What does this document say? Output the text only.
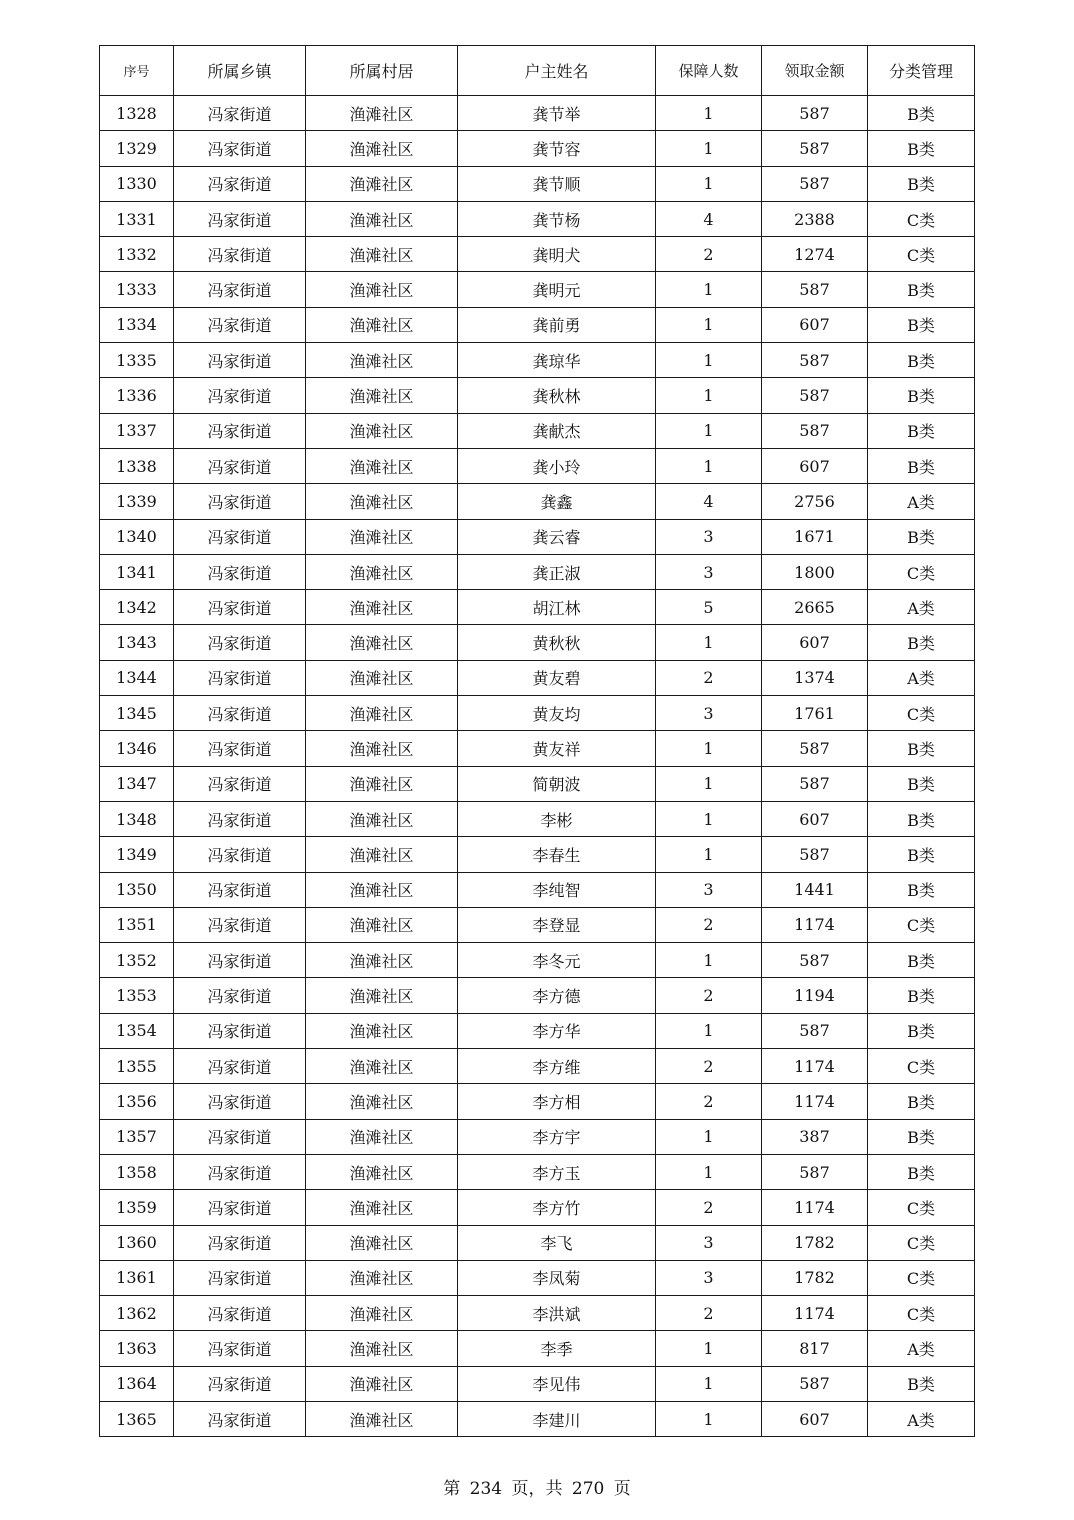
序号	所属乡镇	所属村居	户主姓名	保障人数	领取金额	分类管理
1328	冯家街道	渔滩社区	龚节举	1	587	B类
1329	冯家街道	渔滩社区	龚节容	1	587	B类
1330	冯家街道	渔滩社区	龚节顺	1	587	B类
1331	冯家街道	渔滩社区	龚节杨	4	2388	C类
1332	冯家街道	渔滩社区	龚明犬	2	1274	C类
1333	冯家街道	渔滩社区	龚明元	1	587	B类
1334	冯家街道	渔滩社区	龚前勇	1	607	B类
1335	冯家街道	渔滩社区	龚琼华	1	587	B类
1336	冯家街道	渔滩社区	龚秋林	1	587	B类
1337	冯家街道	渔滩社区	龚献杰	1	587	B类
1338	冯家街道	渔滩社区	龚小玲	1	607	B类
1339	冯家街道	渔滩社区	龚鑫	4	2756	A类
1340	冯家街道	渔滩社区	龚云睿	3	1671	B类
1341	冯家街道	渔滩社区	龚正淑	3	1800	C类
1342	冯家街道	渔滩社区	胡江林	5	2665	A类
1343	冯家街道	渔滩社区	黄秋秋	1	607	B类
1344	冯家街道	渔滩社区	黄友碧	2	1374	A类
1345	冯家街道	渔滩社区	黄友均	3	1761	C类
1346	冯家街道	渔滩社区	黄友祥	1	587	B类
1347	冯家街道	渔滩社区	简朝波	1	587	B类
1348	冯家街道	渔滩社区	李彬	1	607	B类
1349	冯家街道	渔滩社区	李春生	1	587	B类
1350	冯家街道	渔滩社区	李纯智	3	1441	B类
1351	冯家街道	渔滩社区	李登显	2	1174	C类
1352	冯家街道	渔滩社区	李冬元	1	587	B类
1353	冯家街道	渔滩社区	李方德	2	1194	B类
1354	冯家街道	渔滩社区	李方华	1	587	B类
1355	冯家街道	渔滩社区	李方维	2	1174	C类
1356	冯家街道	渔滩社区	李方相	2	1174	B类
1357	冯家街道	渔滩社区	李方宇	1	387	B类
1358	冯家街道	渔滩社区	李方玉	1	587	B类
1359	冯家街道	渔滩社区	李方竹	2	1174	C类
1360	冯家街道	渔滩社区	李飞	3	1782	C类
1361	冯家街道	渔滩社区	李凤菊	3	1782	C类
1362	冯家街道	渔滩社区	李洪斌	2	1174	C类
1363	冯家街道	渔滩社区	李季	1	817	A类
1364	冯家街道	渔滩社区	李见伟	1	587	B类
1365	冯家街道	渔滩社区	李建川	1	607	A类
第 234 页，共 270 页
